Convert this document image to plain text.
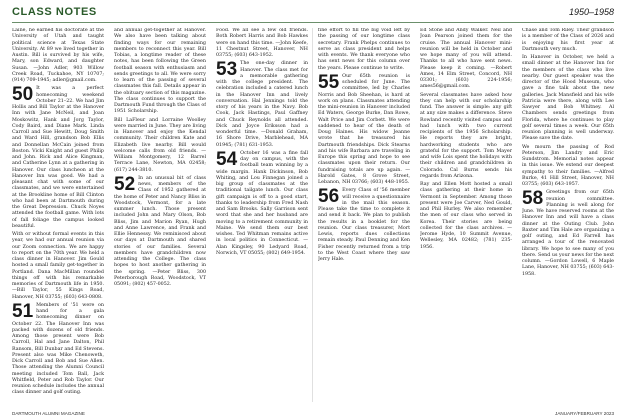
CLASS NOTES	1950–1958

Laine, he earned his doctorate at the University of Utah and taught political science at Texas State University. At 89 we lived together in Austin. Bill is survived by his wife, Mary, son Edward, and daughter Susan. —John Adler, 903 Willow Creek Road, Tuckahoe, NY 10707; (914) 709-1945; adler@gmail.com.

50 It was a perfect homecoming weekend October 21–22. We had Jim Hollis and Bill Taylor at the Hanover Inn with Jane McNeil, and Joan Moskowitz, Hank and Jorg Taylor, Cody Baird, and Diane Mark. Linda Carroll and Sue Hewitt, Doug Smith and Ward Hill, grandson Bob Ellis and Donnellan McCain joined from Boston. Vicki Knight and guest Philip and John. Rick and Alice Kingman, and Catherine Lynn at a gathering in Hanover. Our class luncheon at the Hanover Inn was good. We had a pleasant chat with some of our classmates, and we were entertained at the Brookline home of Bill Clinton who had been at Dartmouth during the Great Depression. Chuck Noyes attended the football game. With lots of fall foliage the campus looked beautiful.

With or without formal events in this year, we had our annual reunion via our Zoom connection. We are happy to report on the 70th year. We held a class dinner in Hanover. Jim Gould hosted a small family get-together in Portland. Dana MacMillan rounded things off with his remarkable memories of Dartmouth life in 1950. —Bill Taylor, 55 Kings Road, Hanover, NH 03755; (603) 643-0808.

51 Members of '51 were on hand for a gala homecoming dinner on October 22. The Hanover Inn was packed with dozens of old friends. Among those present were Bob Carroll, Hal and Jane Dalton, Phil Ransom, Bill Dunbar and Ed Stevens. Present also was Mike Chenoweth, Dick Carroll and Bob and Sue Allen. Those attending the Alumni Council meeting included Tom Ball, Jack Whitfield, Peter and Rob Taylor. Our reunion schedule includes the annual class dinner and golf outing.

and annual get-together at Hanover. We also have been talking about finding ways for our remaining members to reconnect this year. Bill Tobias, a longtime reader of these notes, has been following the Green football season with enthusiasm and sends greetings to all. We were sorry to learn of the passing of several classmates this fall. Details appear in the obituary section of this magazine. The class continues to support the Dartmouth Fund through the Class of 1951 Scholarship.

Bill LaFleur and Lorraine Woolley were married in June. They are living in Hanover and enjoy the Kendal community. Their children Kate and Elizabeth live nearby. Bill would welcome calls from old friends. —William Montgomery, 12 Barrel Terrace Lane, Newton, MA 02458; (617) 244-3810.

52 In an unusual bit of class news, members of the Class of 1952 gathered at the home of Peter and Nancy Bliss in Woodstock, Vermont, for a late summer lunch. Those present included John and Mary Olson, Bob Bliss, Jim and Marion Ryan, Hugh and Anne Lawrence, and Frank and Ellie Hennessy. We reminisced about our days at Dartmouth and shared stories of our families. Several members have grandchildren now attending the College. The class hopes to host another gathering in the spring. —Peter Bliss, 300 Peterborough Road, Woodstock, VT 05091; (802) 457-0052.

Food. We all see a few old friends. Both Robert Harris and Bob Hawkes were on hand this time. —John Keefe, 11 Chestnut Street, Hanover, NH 03755; (603) 643-1952.

53 The one-day dinner in Hanover. The class met for a memorable gathering with the college president. The celebration included a catered lunch in the Hanover Inn and lively conversation. Hal Jennings told the story of his years in the Navy. Bob Cook, Jack Hastings, Paul Gaffney and Chuck Reynolds all attended. Dick and Joyce Eriksson had a wonderful time. —Donald Graham, 16 Shore Drive, Marblehead, MA 01945; (781) 631-1953.

54 October 16 was a fine fall day on campus, with the football team winning by a wide margin. Hank Dickinson, Bob Whiting, and Lou Finnegan joined a big group of classmates at the traditional tailgate lunch. Our class gift campaign is off to a good start, thanks to leadership from Fred Nash and Sam Brooks. Sally Garrison sent word that she and her husband are moving to a retirement community in Maine. We send them our best wishes. Ted Whitman remains active in local politics in Connecticut. —Alan Kingsley, 90 Ledyard Road, Norwich, VT 05055; (802) 649-1954.

fine effort to fill the big void left by the passing of our longtime class secretary. Frank Phelps continues to serve as class president and helps with events. We thank everyone who has sent news for this column over the years. Please continue to write.

55 Our 65th reunion is scheduled for June. The committee, led by Charles Norris and Bob Sheehan, is hard at work on plans. Classmates attending the mini-reunion in Hanover included Ed Waters, George Burke, Dan Rowe, Walt Price and Jim Corbett. We were saddened to hear of the death of Doug Haines. His widow Jeanne wrote that he treasured his Dartmouth friendships. Dick Stearns and his wife Barbara are traveling in Europe this spring and hope to see classmates upon their return. Our fundraising totals are up again. —Harold Gates, 8 Grove Street, Lebanon, NH 03766; (603) 448-1955.

56 Every Class of '56 member will receive a questionnaire in the mail this season. Please take the time to complete it and send it back. We plan to publish the results in a booklet for the reunion. Our class treasurer, Mort Lewis, reports dues collections remain steady. Paul Denning and Ken Fisher recently returned from a trip to the West Coast where they saw Jerry Hale.

Ed Stone and Andy Walker. Neil and Joan Pearson joined them for the cruise. The annual Hanover mini-reunion will be held in October and we hope many of you will attend. Thanks to all who have sent news. Please keep it coming. —Robert Ames, 14 Elm Street, Concord, NH 03301; (603) 224-1956; ames56@gmail.com.

Several classmates have asked how they can help with our scholarship fund. The answer is simple: any gift at any size makes a difference. Steve Rowland recently visited campus and had lunch with two current recipients of the 1956 Scholarship. He reports they are bright, hardworking students who are grateful for the support. Tom Mayer and wife Lois spent the holidays with their children and grandchildren in Colorado. Cal Burns sends his regards from Arizona.

Ray and Ellen Mott hosted a small class gathering at their home in Vermont in September. Among those present were Joe Carver, Ned Gould, and Phil Hurley. We also remember the men of our class who served in Korea. Their stories are being collected for the class archives. —Jerome Hyde, 10 Summit Avenue, Wellesley, MA 02482; (781) 235-1956.

Chase and Tom Riley. Their grandson is a member of the Class of 2026 and is enjoying his first year at Dartmouth very much.

In Hanover in October, we held a small dinner at the Hanover Inn for the members of the class who live nearby. Our guest speaker was the director of the Hood Museum, who gave a fine talk about the new galleries. Jack Mansfield and his wife Patricia were there, along with Lee Sawyer and Bob Whitney. Al Chambers sends greetings from Florida, where he continues to play golf several times a week. Our 65th reunion planning is well underway. Please save the date.

We mourn the passing of Rod Peterson, Jim Landry and Eric Sundstrom. Memorial notes appear in this issue. We extend our deepest sympathy to their families. —Alfred Burke, 41 Hill Street, Hanover, NH 03755; (603) 643-1957.

58 Greetings from our 65th reunion committee. Planning is well along for June. We have reserved rooms at the Hanover Inn and will have a class dinner at the Outing Club. John Baxter and Tim Hale are organizing a golf outing, and Ed Farrell has arranged a tour of the renovated library. We hope to see many of you there. Send us your news for the next column. —Gordon Lowell, 6 Maple Lane, Hanover, NH 03755; (603) 643-1958.

DARTMOUTH ALUMNI MAGAZINE	JANUARY/FEBRUARY 2023
